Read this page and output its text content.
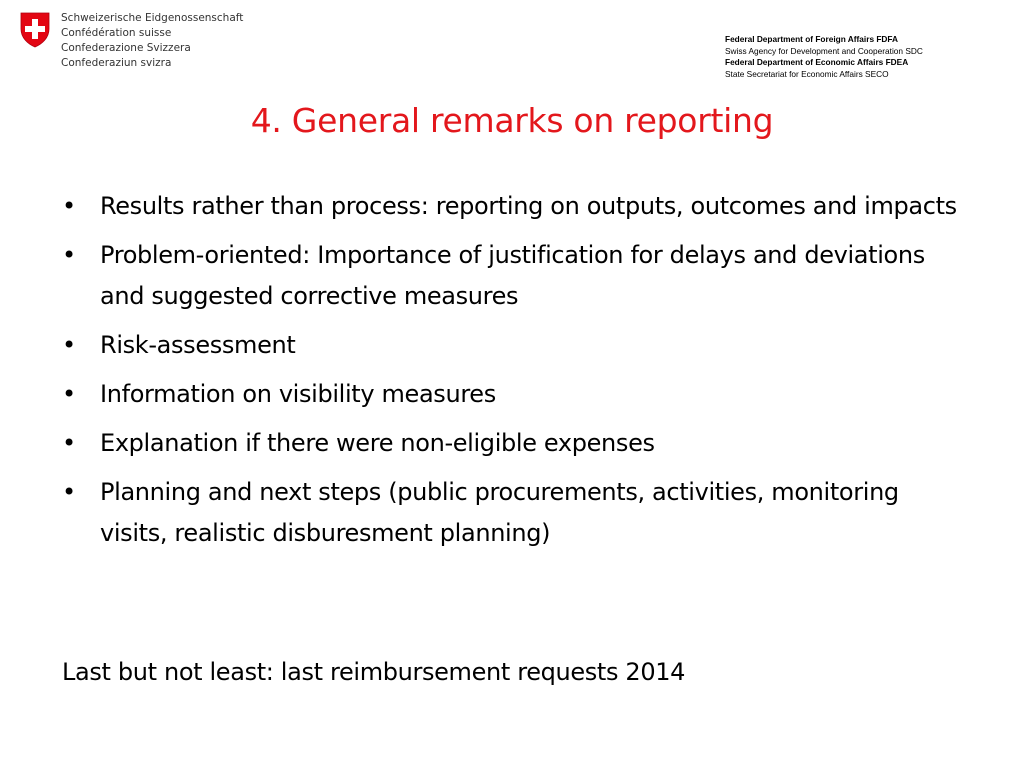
Schweizerische Eidgenossenschaft
Confédération suisse
Confederazione Svizzera
Confederaziun svizra
Federal Department of Foreign Affairs FDFA
Swiss Agency for Development and Cooperation SDC
Federal Department of Economic Affairs FDEA
State Secretariat for Economic Affairs SECO
4. General remarks on reporting
• Results rather than process: reporting on outputs, outcomes and impacts
• Problem-oriented: Importance of justification for delays and deviations and suggested corrective measures
• Risk-assessment
• Information on visibility measures
• Explanation if there were non-eligible expenses
• Planning and next steps (public procurements, activities, monitoring visits, realistic disburesment planning)
Last but not least: last reimbursement requests 2014
